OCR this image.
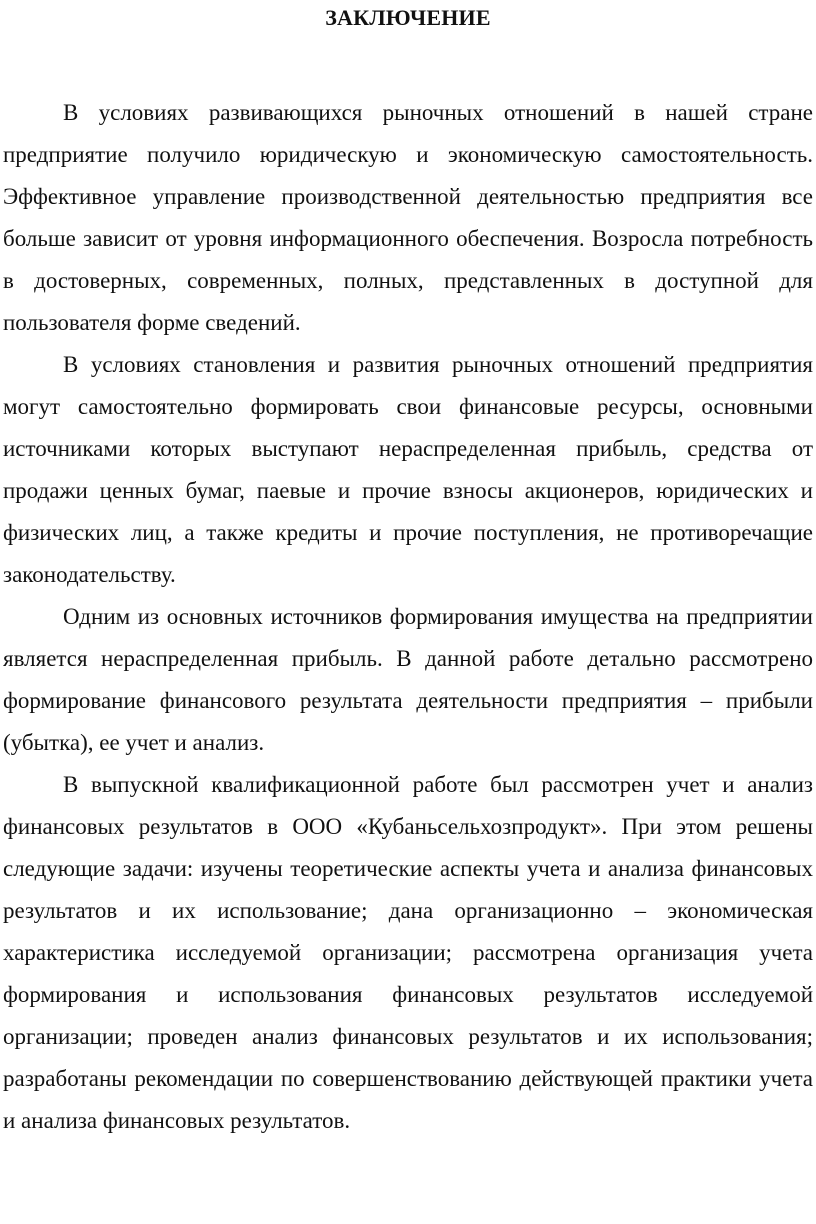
ЗАКЛЮЧЕНИЕ

В условиях развивающихся рыночных отношений в нашей стране предприятие получило юридическую и экономическую самостоятельность. Эффективное управление производственной деятельностью предприятия все больше зависит от уровня информационного обеспечения. Возросла потребность в достоверных, современных, полных, представленных в доступной для пользователя форме сведений.

В условиях становления и развития рыночных отношений предприятия могут самостоятельно формировать свои финансовые ресурсы, основными источниками которых выступают нераспределенная прибыль, средства от продажи ценных бумаг, паевые и прочие взносы акционеров, юридических и физических лиц, а также кредиты и прочие поступления, не противоречащие законодательству.

Одним из основных источников формирования имущества на предприятии является нераспределенная прибыль. В данной работе детально рассмотрено формирование финансового результата деятельности предприятия – прибыли (убытка), ее учет и анализ.

В выпускной квалификационной работе был рассмотрен учет и анализ финансовых результатов в ООО «Кубаньсельхозпродукт». При этом решены следующие задачи: изучены теоретические аспекты учета и анализа финансовых результатов и их использование; дана организационно – экономическая характеристика исследуемой организации; рассмотрена организация учета формирования и использования финансовых результатов исследуемой организации; проведен анализ финансовых результатов и их использования; разработаны рекомендации по совершенствованию действующей практики учета и анализа финансовых результатов.
